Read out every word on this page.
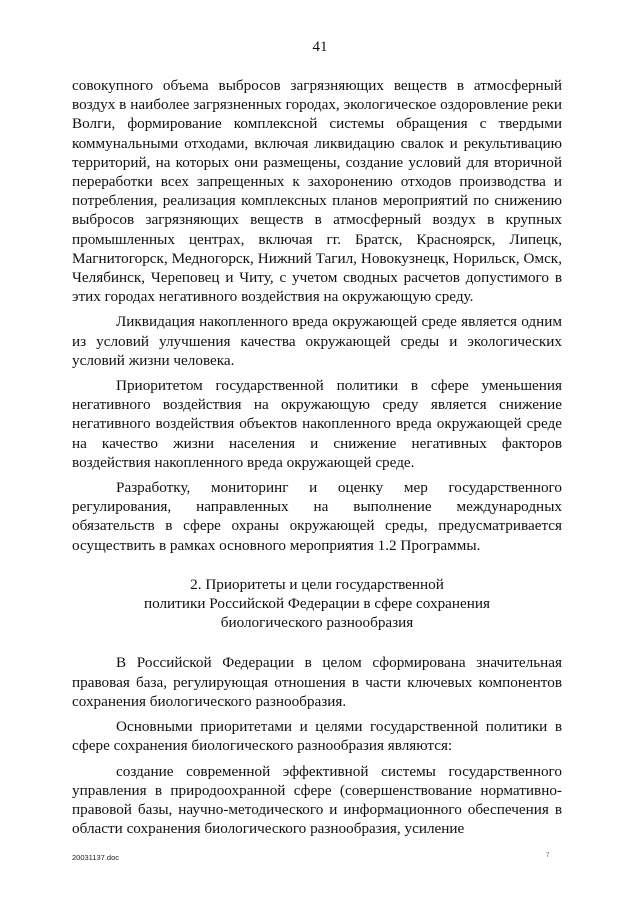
41

совокупного объема выбросов загрязняющих веществ в атмосферный воздух в наиболее загрязненных городах, экологическое оздоровление реки Волги, формирование комплексной системы обращения с твердыми коммунальными отходами, включая ликвидацию свалок и рекультивацию территорий, на которых они размещены, создание условий для вторичной переработки всех запрещенных к захоронению отходов производства и потребления, реализация комплексных планов мероприятий по снижению выбросов загрязняющих веществ в атмосферный воздух в крупных промышленных центрах, включая гг. Братск, Красноярск, Липецк, Магнитогорск, Медногорск, Нижний Тагил, Новокузнецк, Норильск, Омск, Челябинск, Череповец и Читу, с учетом сводных расчетов допустимого в этих городах негативного воздействия на окружающую среду.

Ликвидация накопленного вреда окружающей среде является одним из условий улучшения качества окружающей среды и экологических условий жизни человека.

Приоритетом государственной политики в сфере уменьшения негативного воздействия на окружающую среду является снижение негативного воздействия объектов накопленного вреда окружающей среде на качество жизни населения и снижение негативных факторов воздействия накопленного вреда окружающей среде.

Разработку, мониторинг и оценку мер государственного регулирования, направленных на выполнение международных обязательств в сфере охраны окружающей среды, предусматривается осуществить в рамках основного мероприятия 1.2 Программы.

2. Приоритеты и цели государственной
политики Российской Федерации в сфере сохранения
биологического разнообразия

В Российской Федерации в целом сформирована значительная правовая база, регулирующая отношения в части ключевых компонентов сохранения биологического разнообразия.

Основными приоритетами и целями государственной политики в сфере сохранения биологического разнообразия являются:

создание современной эффективной системы государственного управления в природоохранной сфере (совершенствование нормативно-правовой базы, научно-методического и информационного обеспечения в области сохранения биологического разнообразия, усиление

20031137.doc	7
